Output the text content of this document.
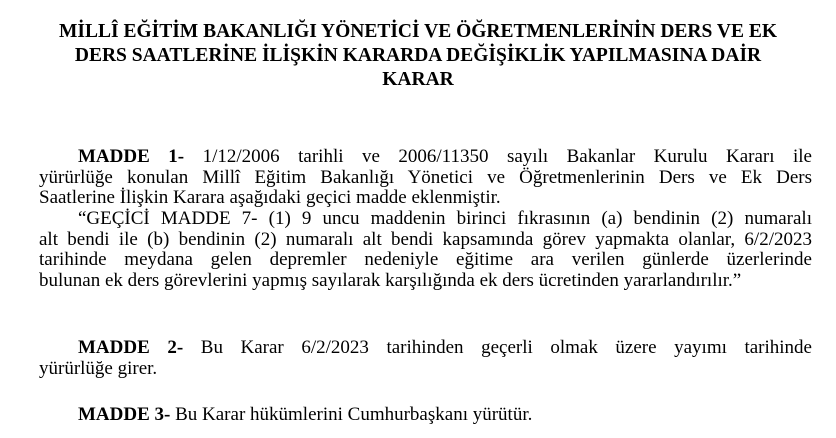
MİLLÎ EĞİTİM BAKANLIĞI YÖNETİCİ VE ÖĞRETMENLERİNİN DERS VE EK
DERS SAATLERİNE İLİŞKİN KARARDA DEĞİŞİKLİK YAPILMASINA DAİR
KARAR
MADDE 1- 1/12/2006 tarihli ve 2006/11350 sayılı Bakanlar Kurulu Kararı ile
yürürlüğe konulan Millî Eğitim Bakanlığı Yönetici ve Öğretmenlerinin Ders ve Ek Ders
Saatlerine İlişkin Karara aşağıdaki geçici madde eklenmiştir.
“GEÇİCİ MADDE 7- (1) 9 uncu maddenin birinci fıkrasının (a) bendinin (2) numaralı
alt bendi ile (b) bendinin (2) numaralı alt bendi kapsamında görev yapmakta olanlar, 6/2/2023
tarihinde meydana gelen depremler nedeniyle eğitime ara verilen günlerde üzerlerinde
bulunan ek ders görevlerini yapmış sayılarak karşılığında ek ders ücretinden yararlandırılır.”
MADDE 2- Bu Karar 6/2/2023 tarihinden geçerli olmak üzere yayımı tarihinde
yürürlüğe girer.
MADDE 3- Bu Karar hükümlerini Cumhurbaşkanı yürütür.
